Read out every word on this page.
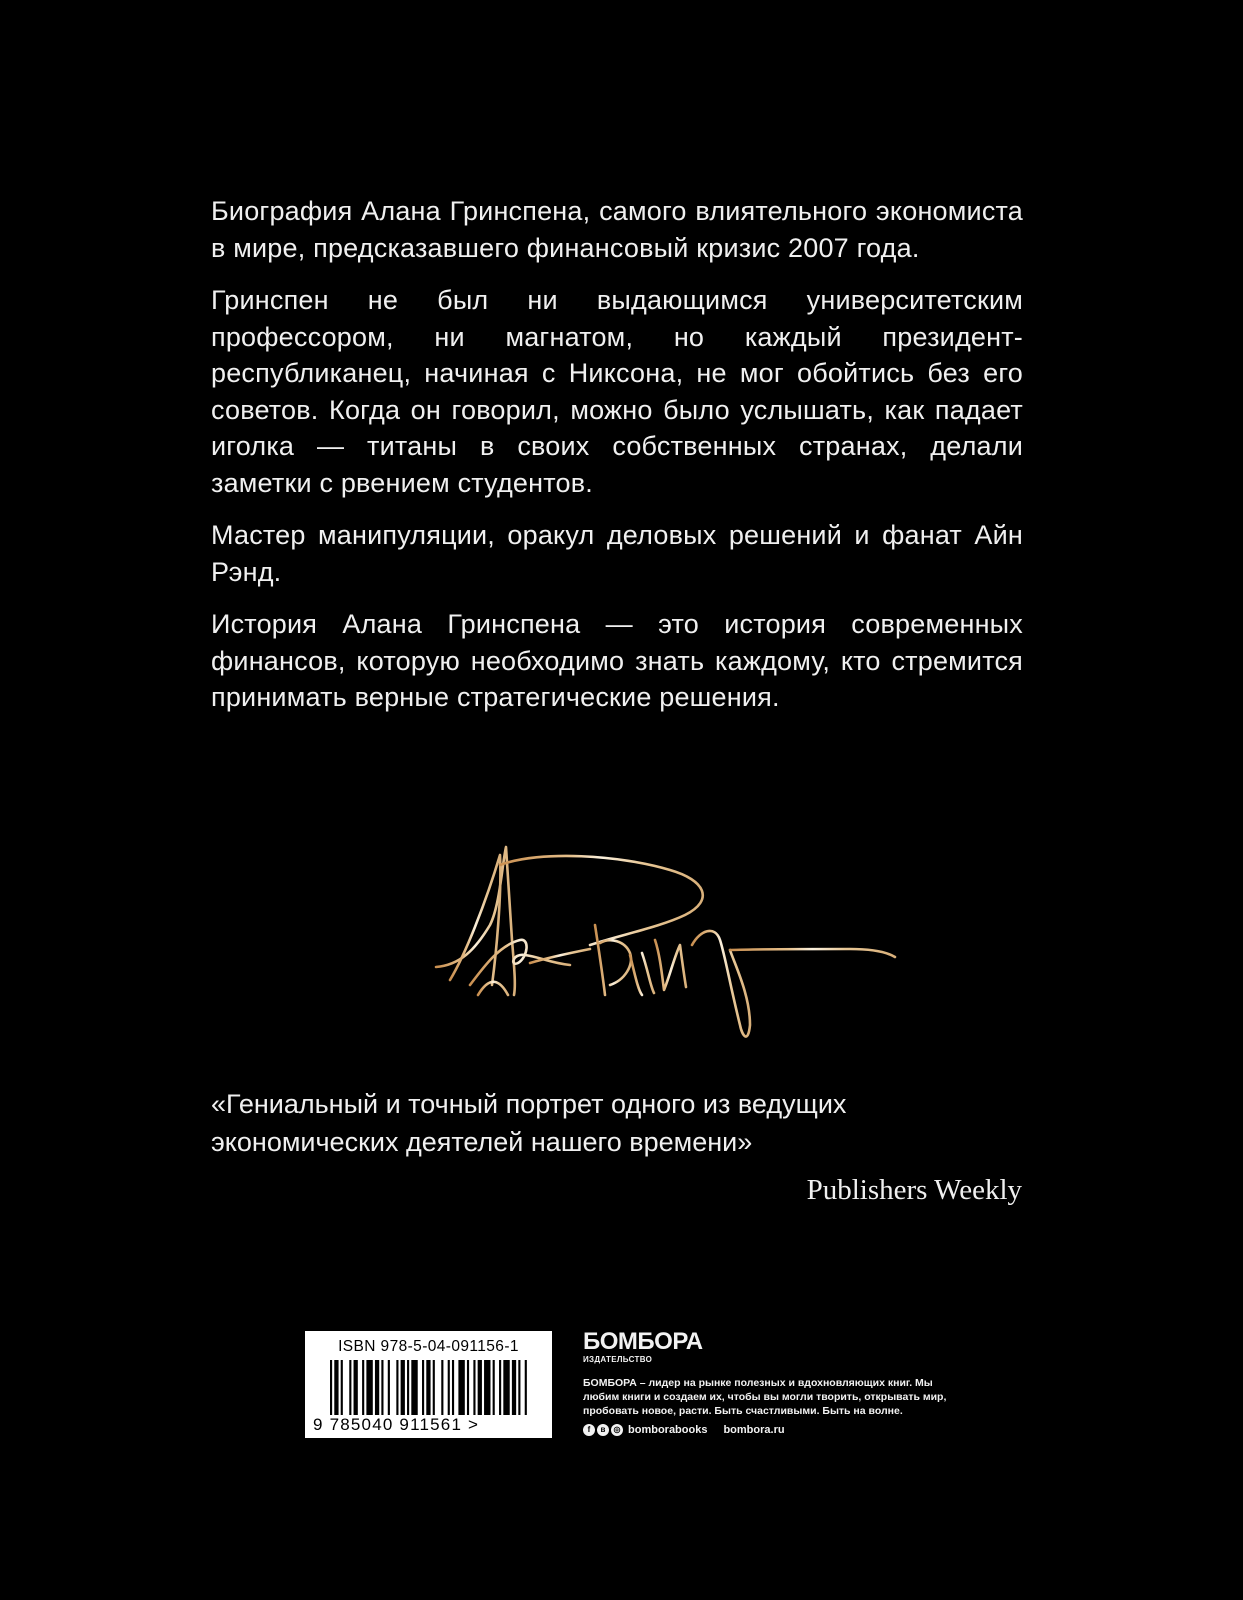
Биография Алана Гринспена, самого влиятельного экономиста в мире, предсказавшего финансовый кризис 2007 года.

Гринспен не был ни выдающимся университетским профессором, ни магнатом, но каждый президент-республиканец, начиная с Никсона, не мог обойтись без его советов. Когда он говорил, можно было услышать, как падает иголка — титаны в своих собственных странах, делали заметки с рвением студентов.

Мастер манипуляции, оракул деловых решений и фанат Айн Рэнд.

История Алана Гринспена — это история современных финансов, которую необходимо знать каждому, кто стремится принимать верные стратегические решения.

«Гениальный и точный портрет одного из ведущих экономических деятелей нашего времени»

Publishers Weekly

ISBN 978-5-04-091156-1
9 785040 911561 >

БОМБОРА

ИЗДАТЕЛЬСТВО

БОМБОРА – лидер на рынке полезных и вдохновляющих книг. Мы любим книги и создаем их, чтобы вы могли творить, открывать мир, пробовать новое, расти. Быть счастливыми. Быть на волне.

f	в	◎ bomborabooks bombora.ru
